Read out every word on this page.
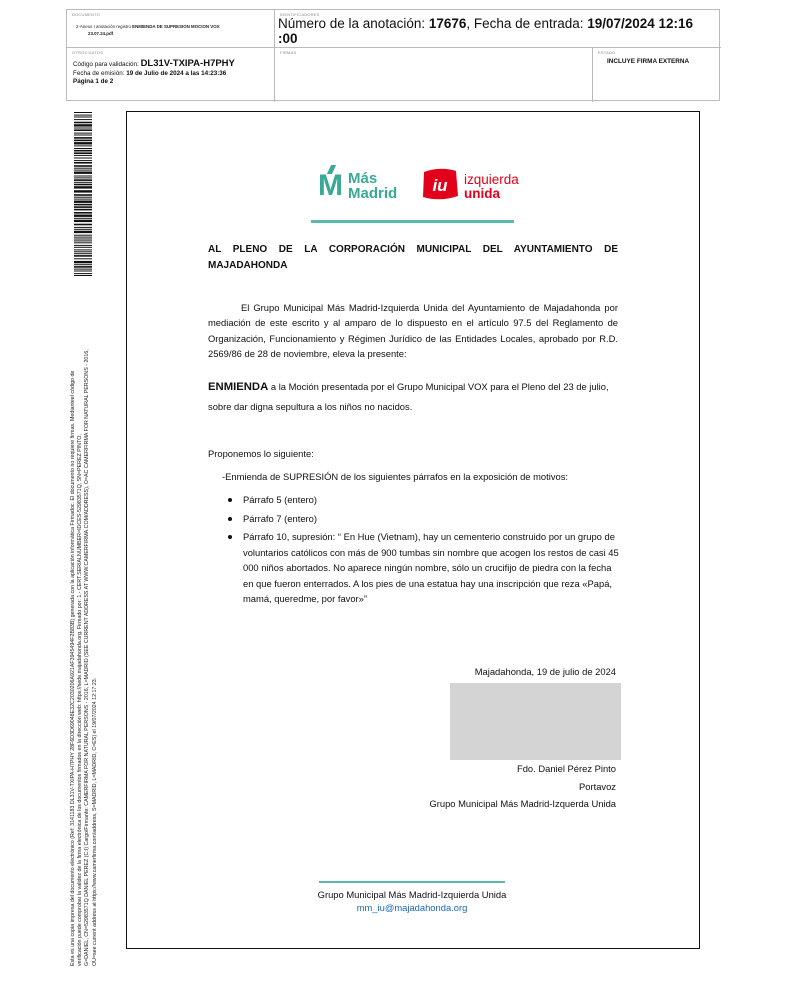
DOCUMENTO
2-Anexo I anotación registro ENMIENDA DE SUPRESION MOCION VOX
23.07.24.pdf
IDENTIFICADORES
Número de la anotación: 17676, Fecha de entrada: 19/07/2024 12:16
:00
OTROS DATOS
Código para validación: DL31V-TXIPA-H7PHY
Fecha de emisión: 19 de Julio de 2024 a las 14:23:36
Página 1 de 2
FIRMAS	ESTADO
INCLUYE FIRMA EXTERNA
Esta es una copia impresa del documento electrónico (Ref: 3141183 DL31V-TXIPA-H7PHY 28F6D3D69048E32C2030206A921AF3945494F2B83B) generada con la aplicación informática Firmadoc. El documento no requiere firmas. Medianteel código de verificación puede comprobar la validez de la firma electrónica de los documentos firmados en la dirección web: https://sede.majadahonda.org. Firmado por: 1.- CERT.SERIALNUMBER=IDCES-52983571Q, SN=PEREZ PINTO, G=DANIEL, CN=52983571Q DANIEL PEREZ (C:I) Cargo/Firmante: CAMERFIRMA FOR NATURAL PERSONS - 2016, L=MADRID (SEE CURRENT ADDRESS AT WWW.CAMERFIRMA.COM/ADDRESS), O=AC CAMERFIRMA FOR NATURAL PERSONS - 2016, OU=see current address at https://www.camerfirma.com/address, S=MADRID, L=MADRID, C=ES) el 19/07/2024 12:17:23.
M Más
Madrid iu izquierda
unida
AL PLENO DE LA CORPORACIÓN MUNICIPAL DEL AYUNTAMIENTO DE MAJADAHONDA
El Grupo Municipal Más Madrid-Izquierda Unida del Ayuntamiento de Majadahonda por mediación de este escrito y al amparo de lo dispuesto en el artículo 97.5 del Reglamento de Organización, Funcionamiento y Régimen Jurídico de las Entidades Locales, aprobado por R.D. 2569/86 de 28 de noviembre, eleva la presente:
ENMIENDA a la Moción presentada por el Grupo Municipal VOX para el Pleno del 23 de julio, sobre dar digna sepultura a los niños no nacidos.
Proponemos lo siguiente:
-Enmienda de SUPRESIÓN de los siguientes párrafos en la exposición de motivos:
Párrafo 5 (entero)
Párrafo 7 (entero)
Párrafo 10, supresión: “ En Hue (Vietnam), hay un cementerio construido por un grupo de voluntarios católicos con más de 900 tumbas sin nombre que acogen los restos de casi 45 000 niños abortados. No aparece ningún nombre, sólo un crucifijo de piedra con la fecha en que fueron enterrados. A los pies de una estatua hay una inscripción que reza «Papá, mamá, queredme, por favor»”
Majadahonda, 19 de julio de 2024
Fdo. Daniel Pérez Pinto
Portavoz
Grupo Municipal Más Madrid-Izquerda Unida
Grupo Municipal Más Madrid-Izquierda Unida
mm_iu@majadahonda.org
